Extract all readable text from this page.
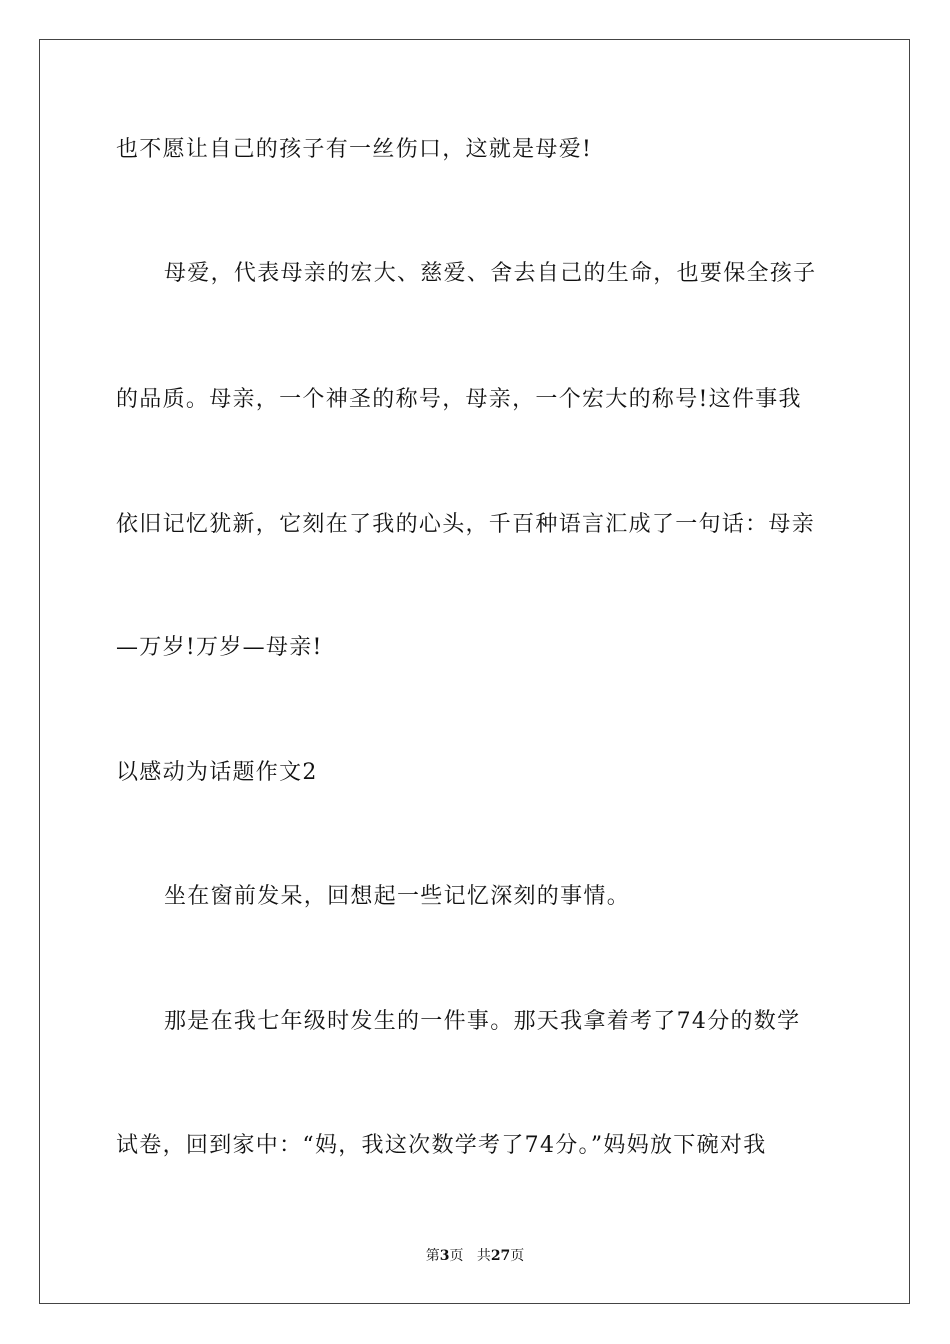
也不愿让自己的孩子有一丝伤口，这就是母爱!
母爱，代表母亲的宏大、慈爱、舍去自己的生命，也要保全孩子
的品质。母亲，一个神圣的称号，母亲，一个宏大的称号!这件事我
依旧记忆犹新，它刻在了我的心头，千百种语言汇成了一句话：母亲
—万岁!万岁—母亲!
以感动为话题作文2
坐在窗前发呆，回想起一些记忆深刻的事情。
那是在我七年级时发生的一件事。那天我拿着考了74分的数学
试卷，回到家中：“妈，我这次数学考了74分。”妈妈放下碗对我
第3页 共27页
